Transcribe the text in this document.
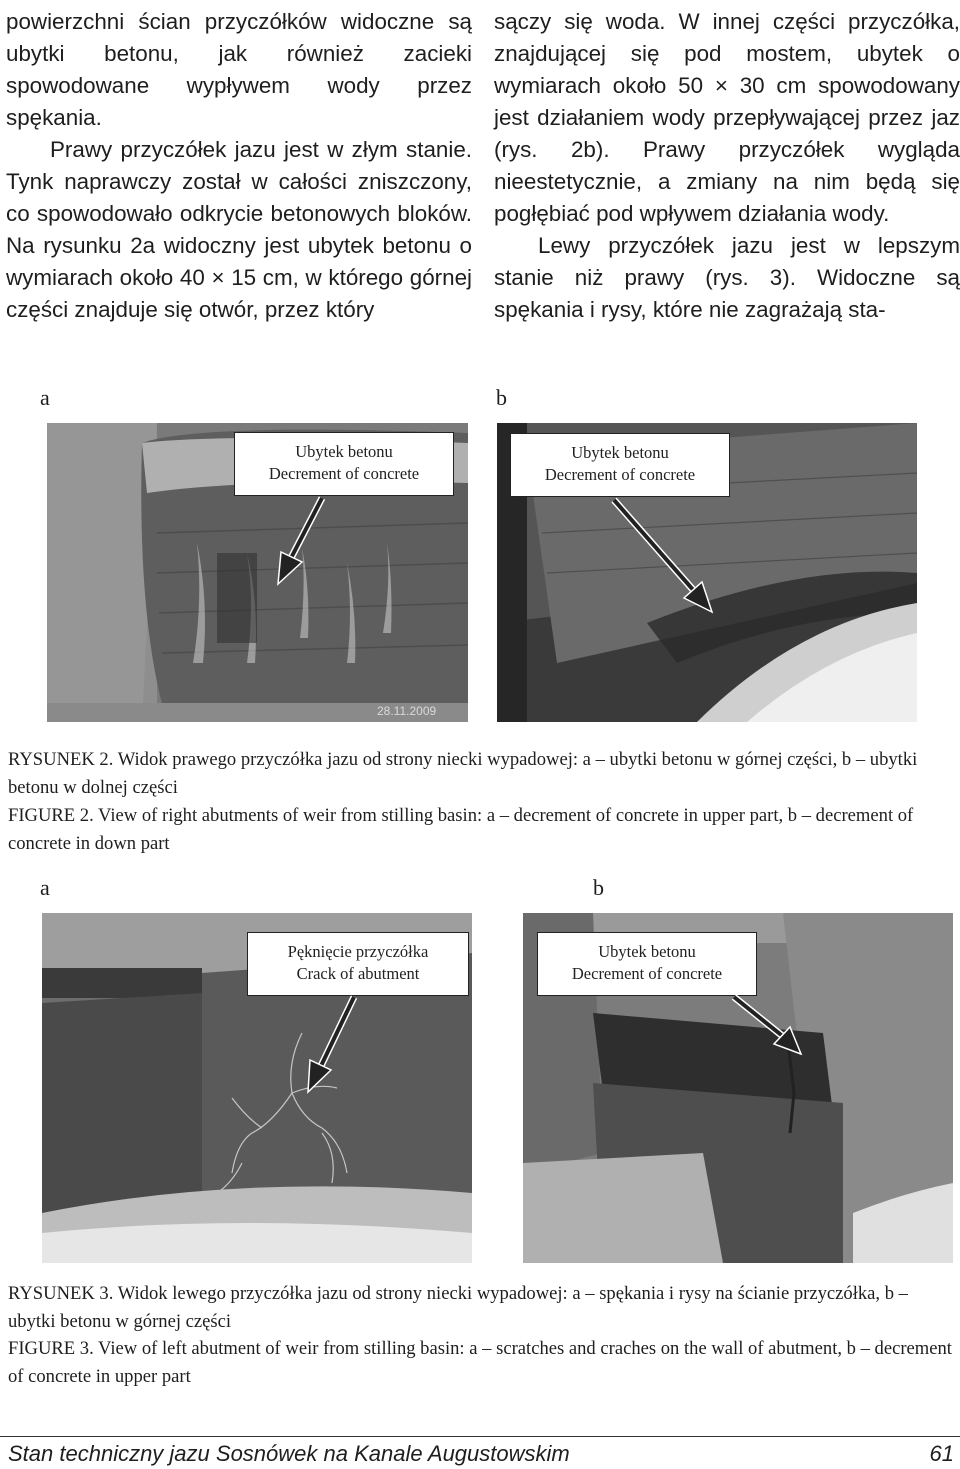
powierzchni ścian przyczółków widoczne są ubytki betonu, jak również zacieki spowodowane wypływem wody przez spękania.

Prawy przyczółek jazu jest w złym stanie. Tynk naprawczy został w całości zniszczony, co spowodowało odkrycie betonowych bloków. Na rysunku 2a widoczny jest ubytek betonu o wymiarach około 40 × 15 cm, w którego górnej części znajduje się otwór, przez który

sączy się woda. W innej części przyczółka, znajdującej się pod mostem, ubytek o wymiarach około 50 × 30 cm spowodowany jest działaniem wody przepływającej przez jaz (rys. 2b). Prawy przyczółek wygląda nieestetycznie, a zmiany na nim będą się pogłębiać pod wpływem działania wody.

Lewy przyczółek jazu jest w lepszym stanie niż prawy (rys. 3). Widoczne są spękania i rysy, które nie zagrażają sta-

a	b
28.11.2009
Ubytek betonu
Decrement of concrete
Ubytek betonu
Decrement of concrete

RYSUNEK 2. Widok prawego przyczółka jazu od strony niecki wypadowej: a – ubytki betonu w górnej części, b – ubytki betonu w dolnej części

FIGURE 2. View of right abutments of weir from stilling basin: a – decrement of concrete in upper part, b – decrement of concrete in down part

a	b
Pęknięcie przyczółka
Crack of abutment
Ubytek betonu
Decrement of concrete

RYSUNEK 3. Widok lewego przyczółka jazu od strony niecki wypadowej: a – spękania i rysy na ścianie przyczółka, b – ubytki betonu w górnej części

FIGURE 3. View of left abutment of weir from stilling basin: a – scratches and craches on the wall of abutment, b – decrement of concrete in upper part

Stan techniczny jazu Sosnówek na Kanale Augustowskim	61
